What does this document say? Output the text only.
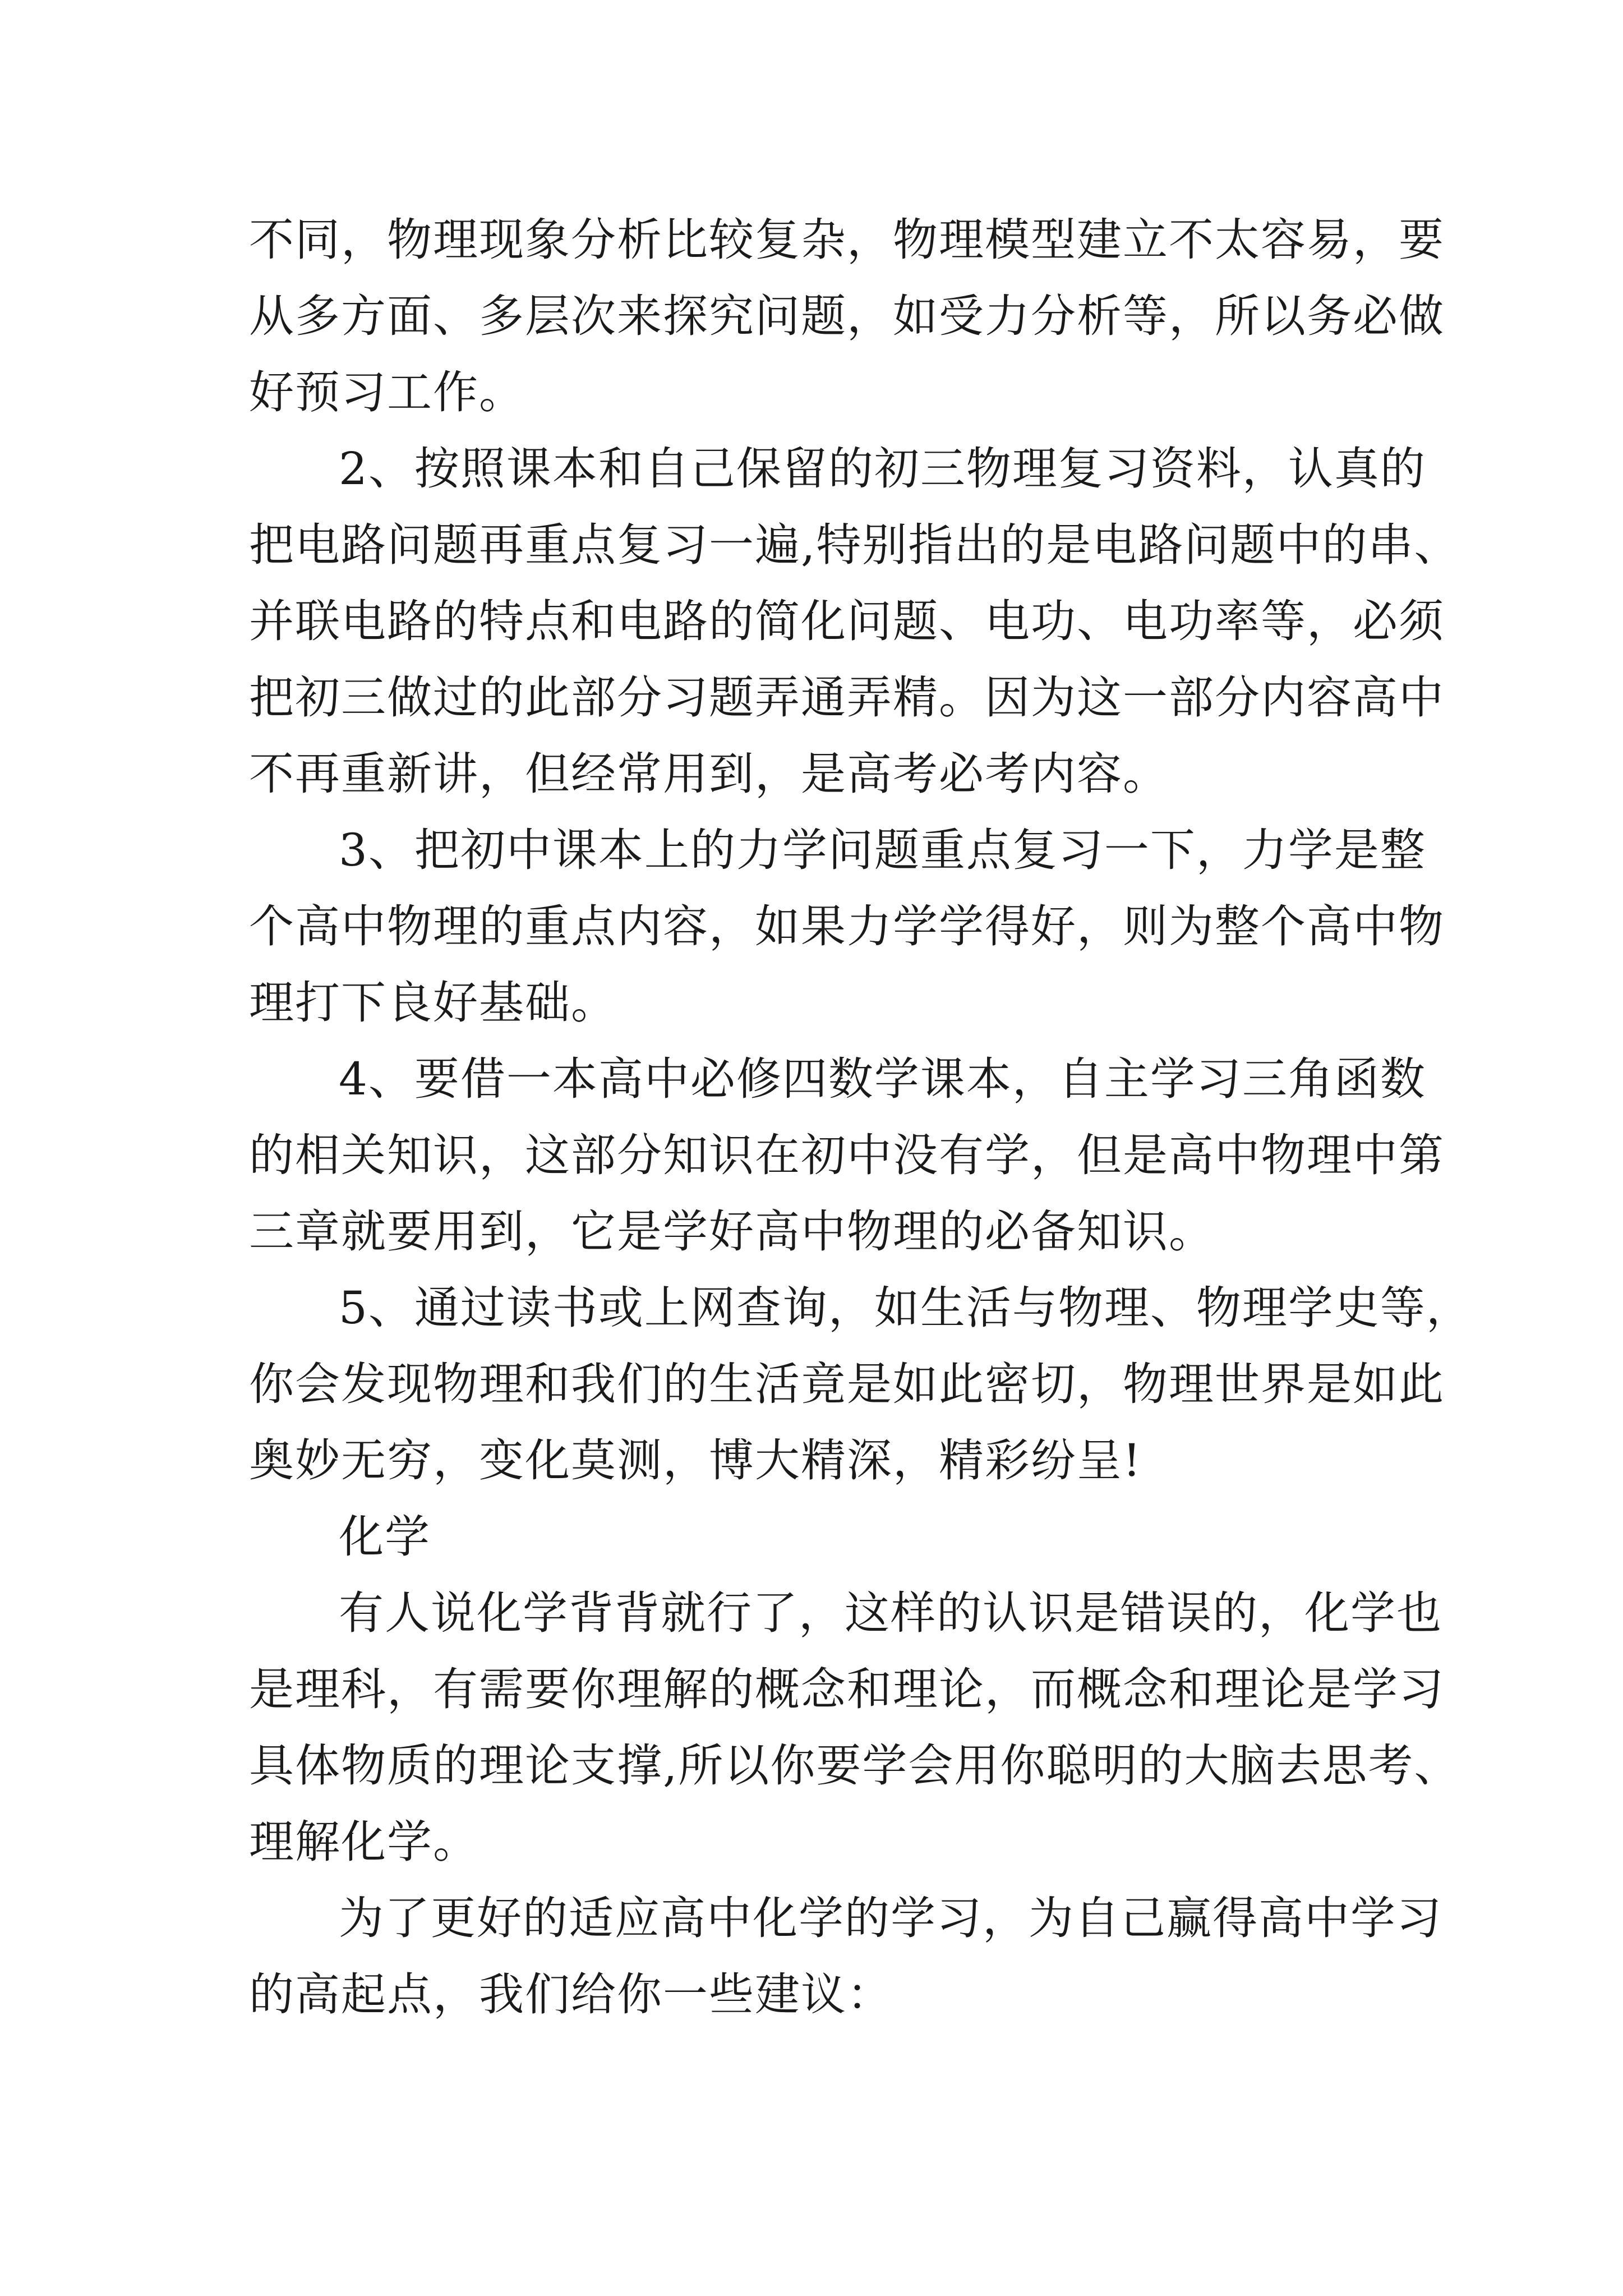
不同，物理现象分析比较复杂，物理模型建立不太容易，要
从多方面、多层次来探究问题，如受力分析等，所以务必做
好预习工作。
2、按照课本和自己保留的初三物理复习资料，认真的
把电路问题再重点复习一遍,特别指出的是电路问题中的串、
并联电路的特点和电路的简化问题、电功、电功率等，必须
把初三做过的此部分习题弄通弄精。因为这一部分内容高中
不再重新讲，但经常用到，是高考必考内容。
3、把初中课本上的力学问题重点复习一下，力学是整
个高中物理的重点内容，如果力学学得好，则为整个高中物
理打下良好基础。
4、要借一本高中必修四数学课本，自主学习三角函数
的相关知识，这部分知识在初中没有学，但是高中物理中第
三章就要用到，它是学好高中物理的必备知识。
5、通过读书或上网查询，如生活与物理、物理学史等，
你会发现物理和我们的生活竟是如此密切，物理世界是如此
奥妙无穷，变化莫测，博大精深，精彩纷呈!
化学
有人说化学背背就行了，这样的认识是错误的，化学也
是理科，有需要你理解的概念和理论，而概念和理论是学习
具体物质的理论支撑,所以你要学会用你聪明的大脑去思考、
理解化学。
为了更好的适应高中化学的学习，为自己赢得高中学习
的高起点，我们给你一些建议：
